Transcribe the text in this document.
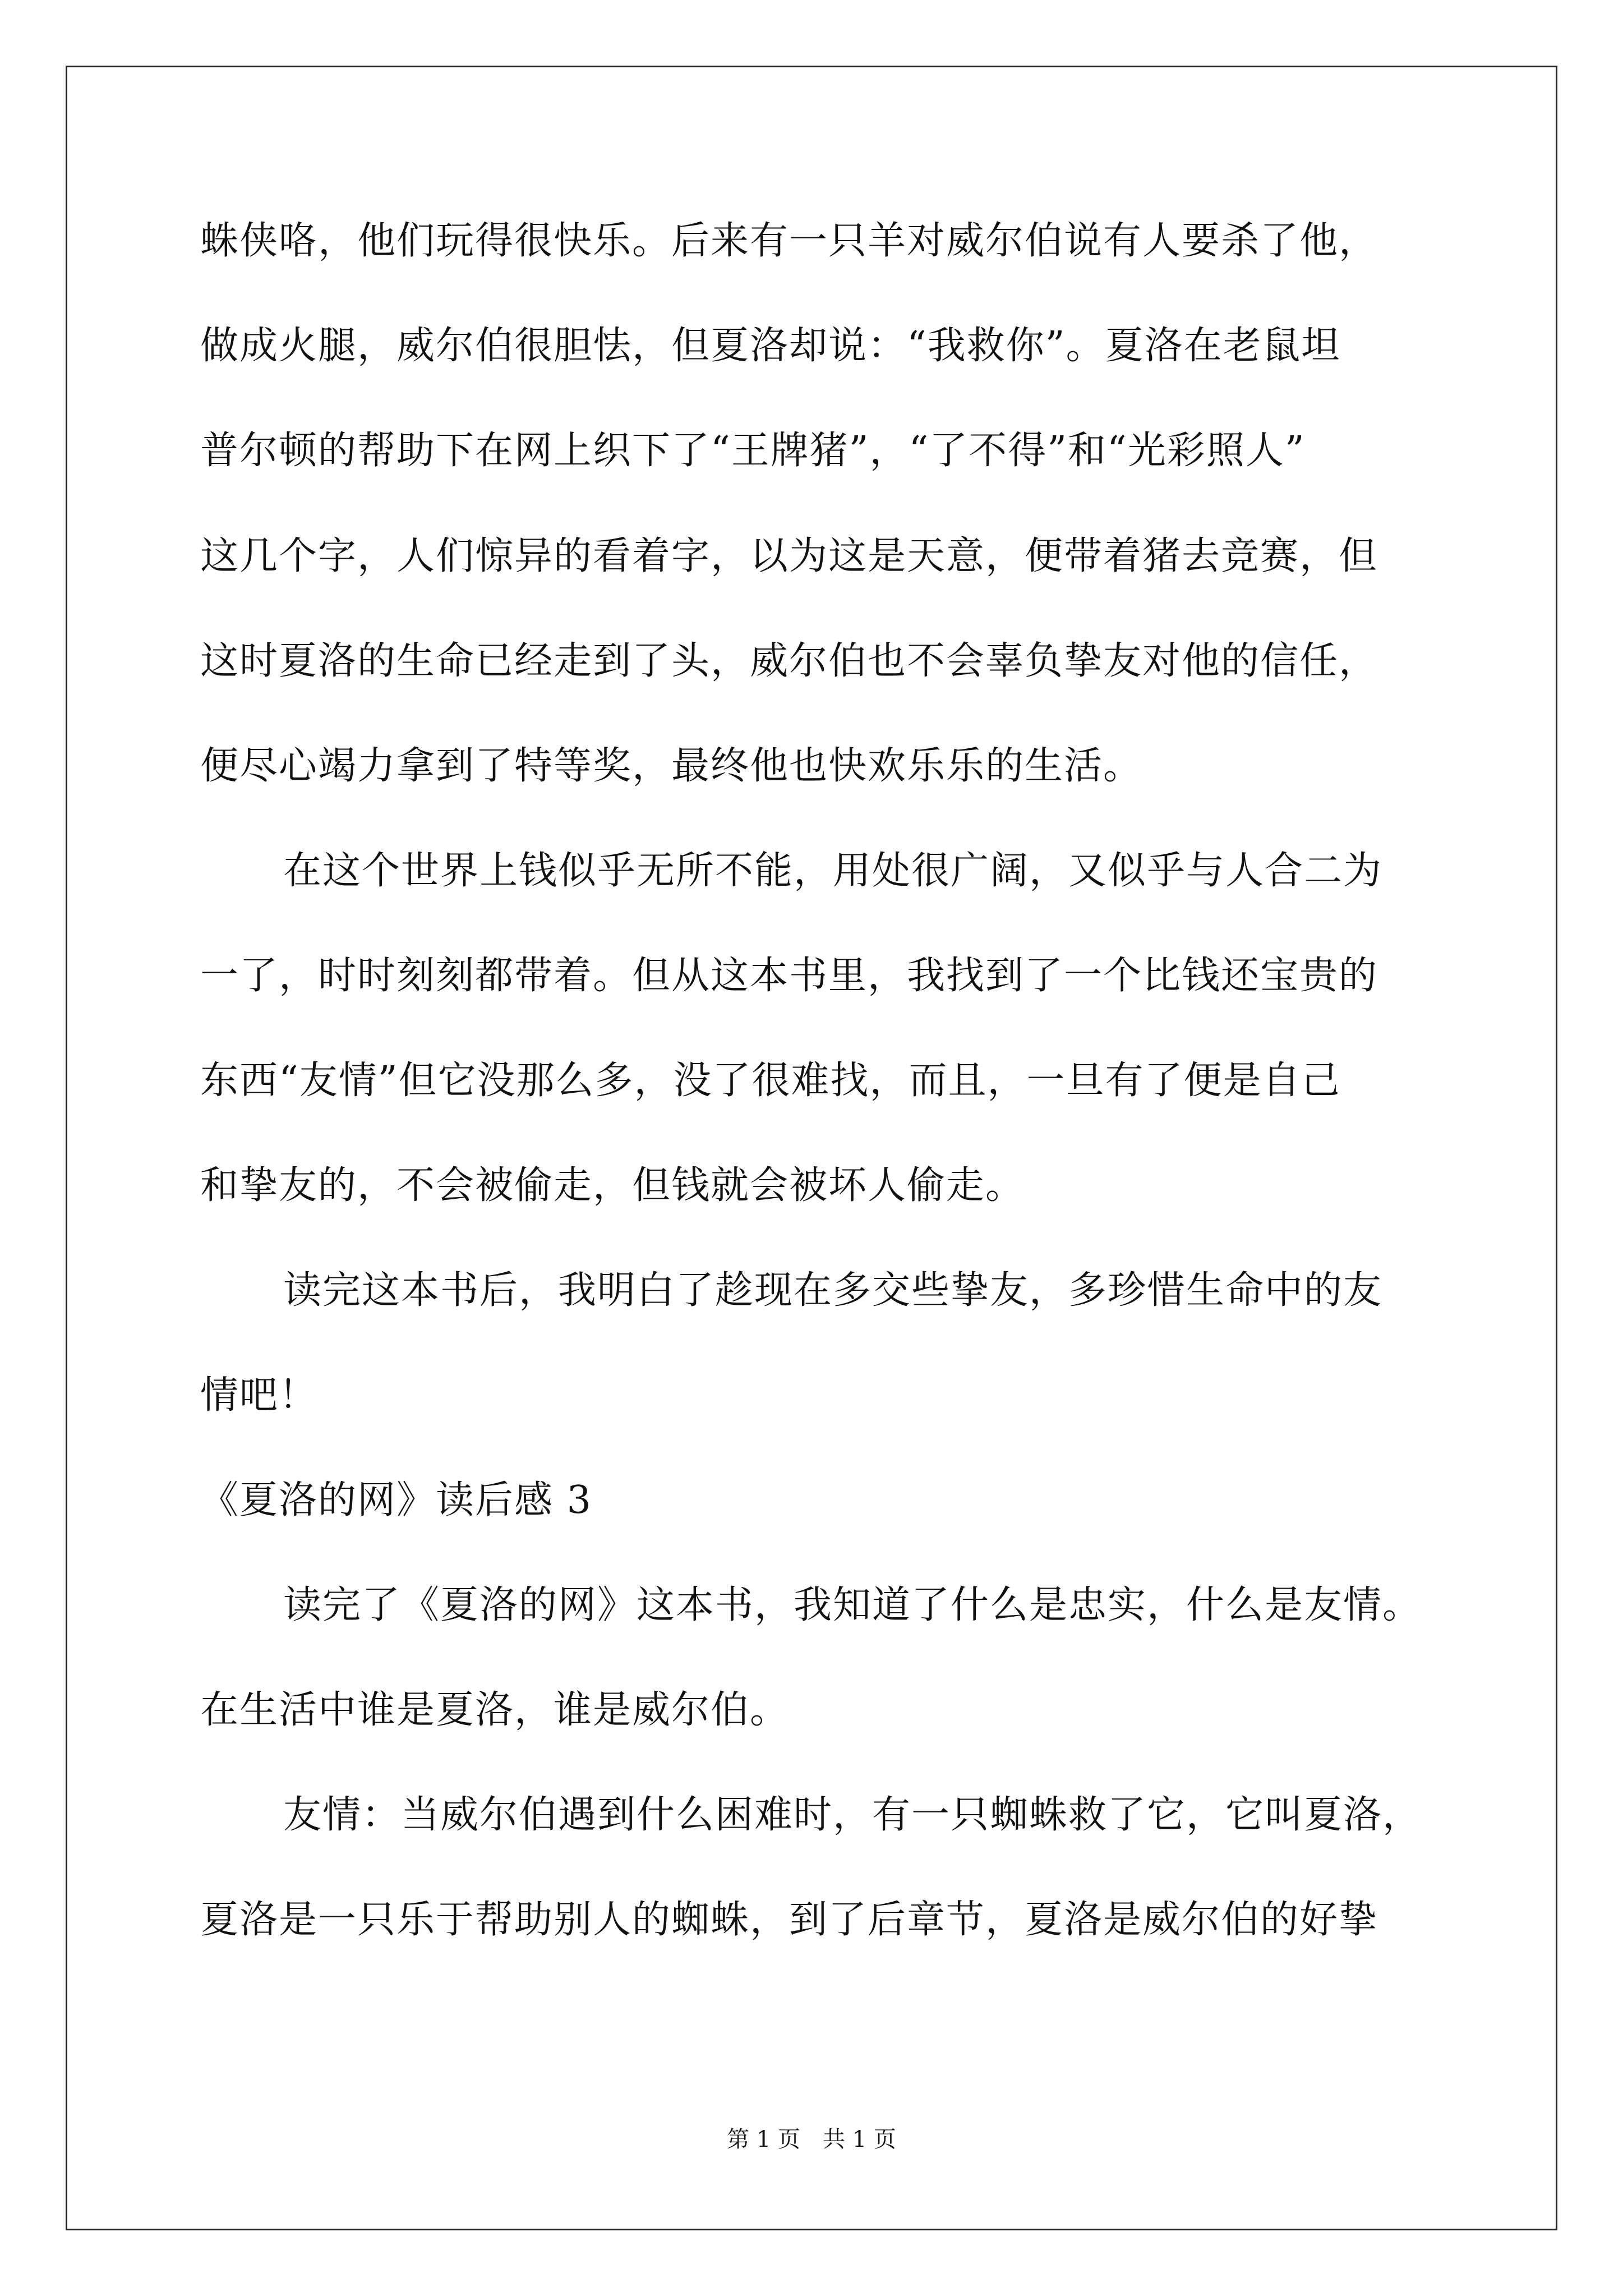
蛛侠咯，他们玩得很快乐。后来有一只羊对威尔伯说有人要杀了他，
做成火腿，威尔伯很胆怯，但夏洛却说：“我救你”。夏洛在老鼠坦
普尔顿的帮助下在网上织下了“王牌猪”，“了不得”和“光彩照人”
这几个字，人们惊异的看着字，以为这是天意，便带着猪去竞赛，但
这时夏洛的生命已经走到了头，威尔伯也不会辜负挚友对他的信任，
便尽心竭力拿到了特等奖，最终他也快欢乐乐的生活。
在这个世界上钱似乎无所不能，用处很广阔，又似乎与人合二为
一了，时时刻刻都带着。但从这本书里，我找到了一个比钱还宝贵的
东西“友情”但它没那么多，没了很难找，而且，一旦有了便是自己
和挚友的，不会被偷走，但钱就会被坏人偷走。
读完这本书后，我明白了趁现在多交些挚友，多珍惜生命中的友
情吧！
《夏洛的网》读后感 3
读完了《夏洛的网》这本书，我知道了什么是忠实，什么是友情。
在生活中谁是夏洛，谁是威尔伯。
友情：当威尔伯遇到什么困难时，有一只蜘蛛救了它，它叫夏洛，
夏洛是一只乐于帮助别人的蜘蛛，到了后章节，夏洛是威尔伯的好挚
第 1 页　共 1 页
